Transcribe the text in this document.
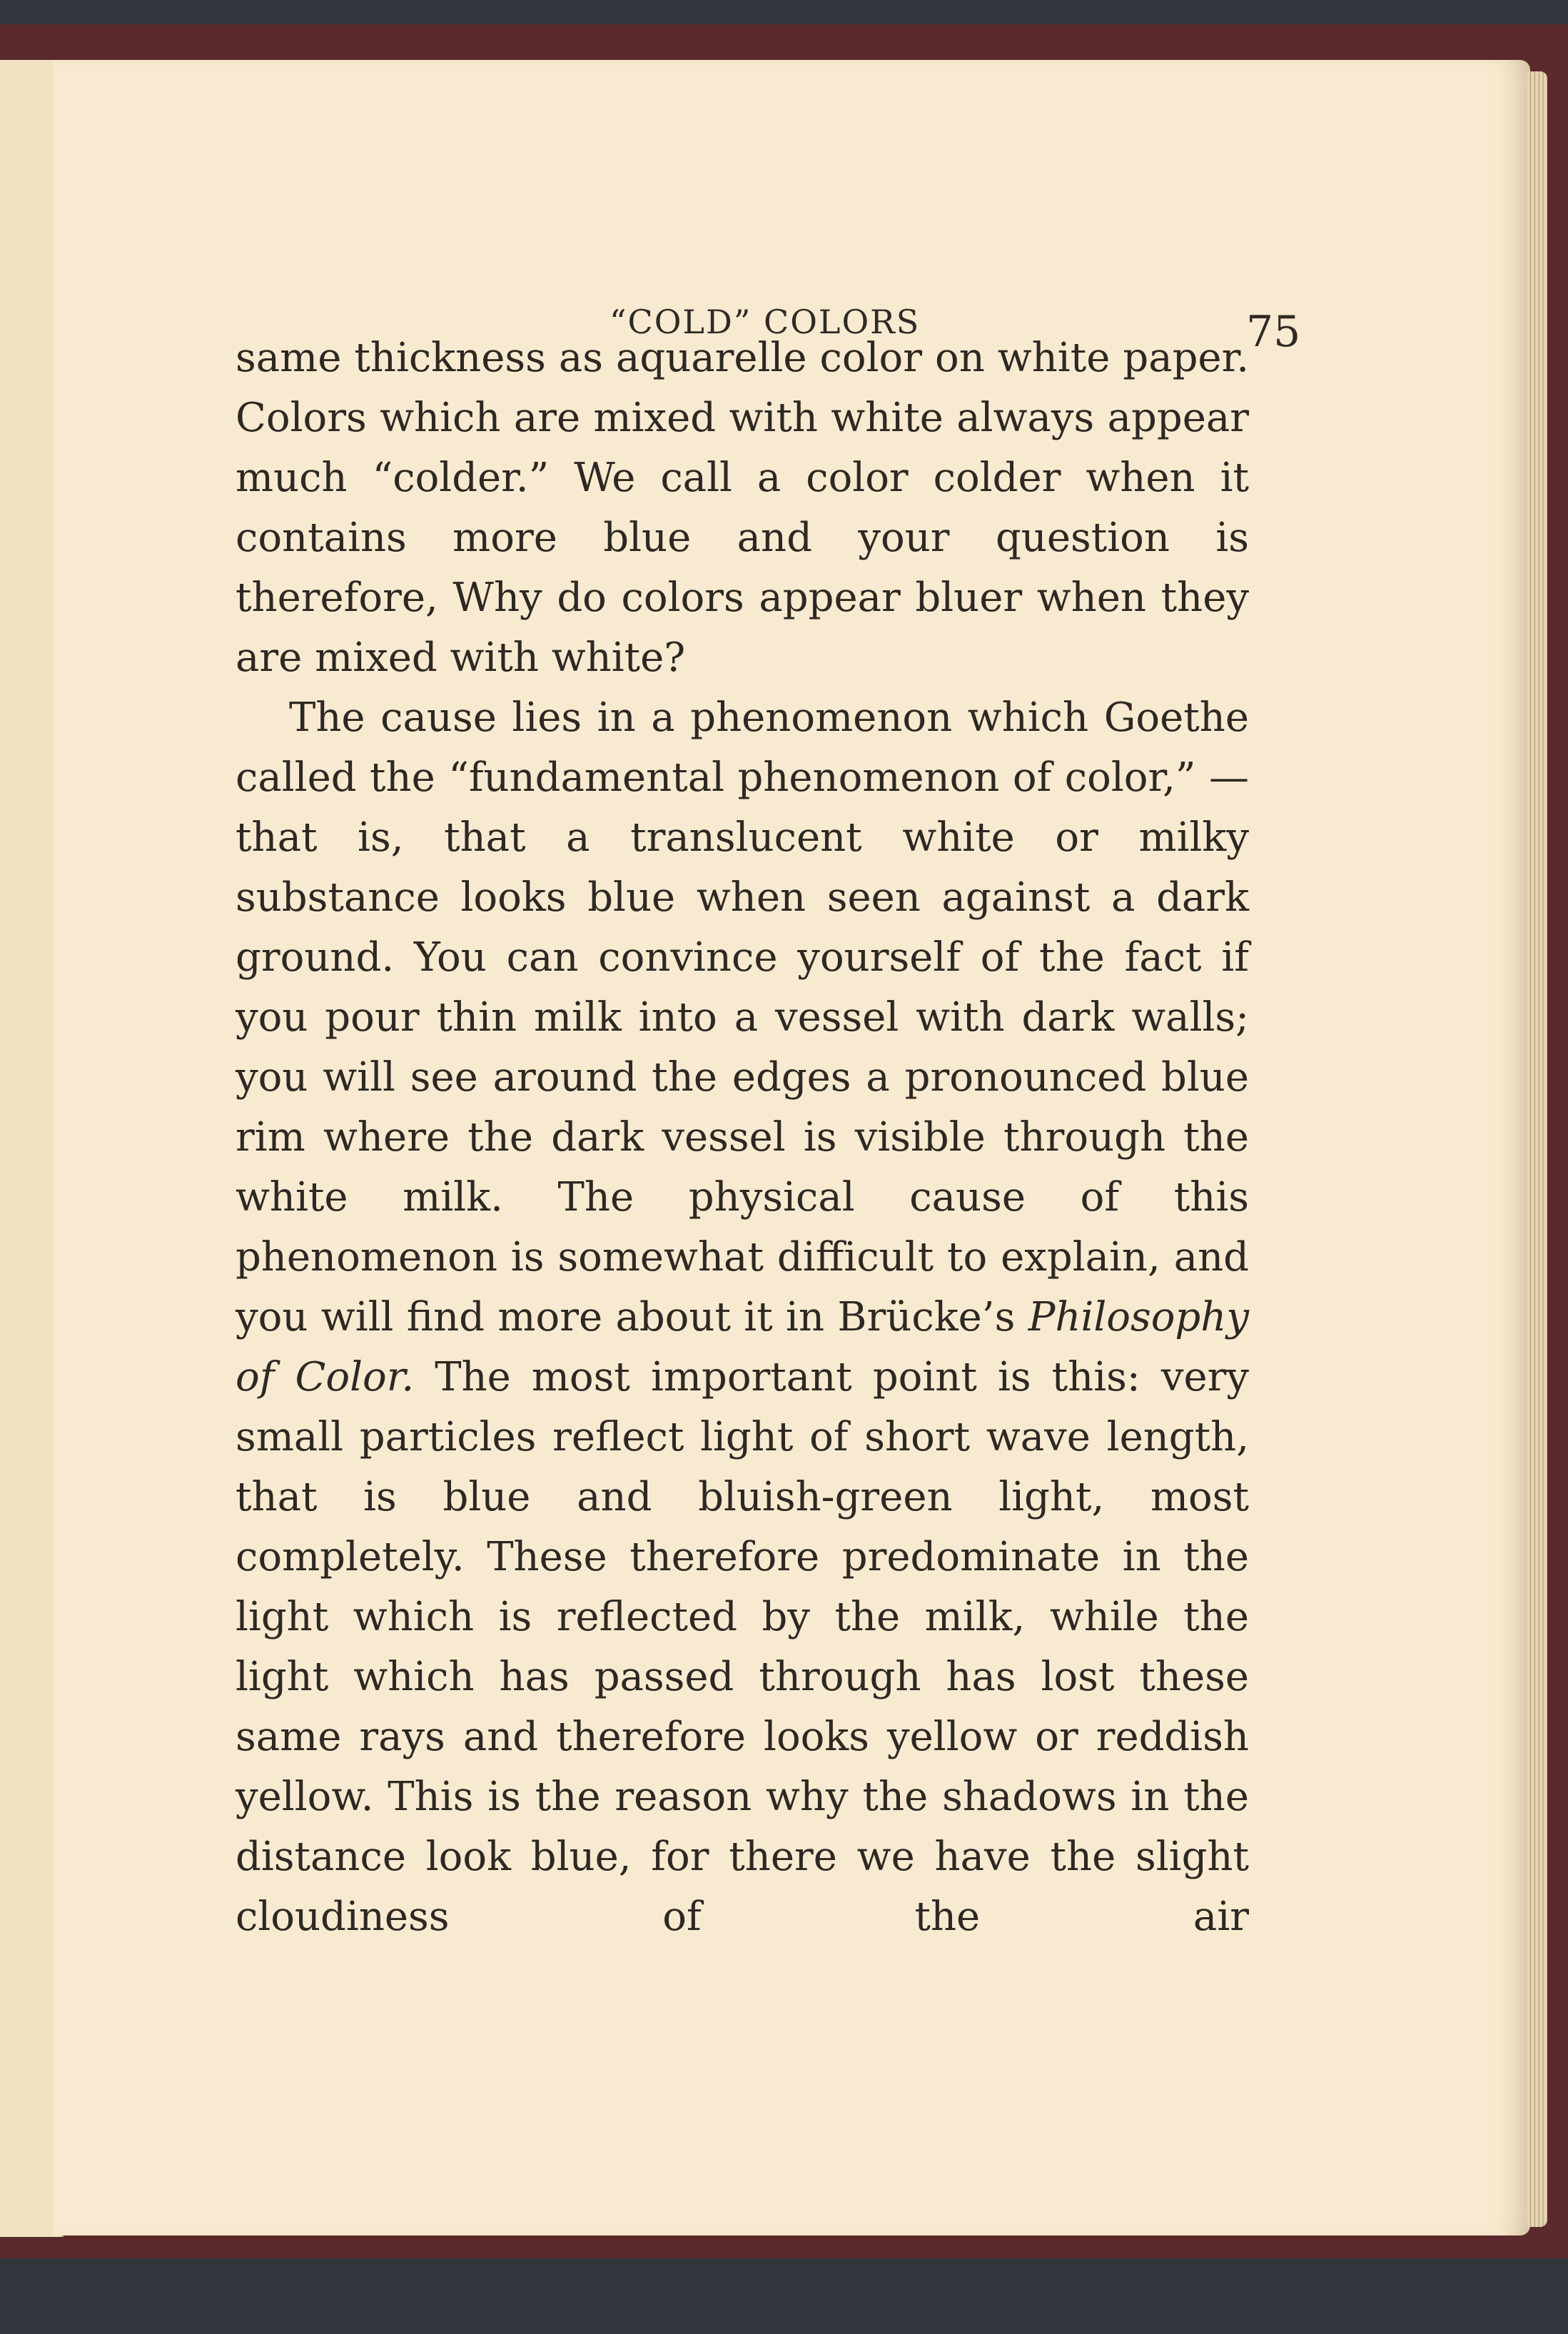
“COLD” COLORS	75

same thickness as aquarelle color on white paper. Colors which are mixed with white always appear much “colder.” We call a color colder when it contains more blue and your question is therefore, Why do colors appear bluer when they are mixed with white?

The cause lies in a phenomenon which Goethe called the “fundamental phenomenon of color,” — that is, that a translucent white or milky substance looks blue when seen against a dark ground. You can convince yourself of the fact if you pour thin milk into a vessel with dark walls; you will see around the edges a pronounced blue rim where the dark vessel is visible through the white milk. The physical cause of this phenomenon is somewhat difficult to explain, and you will find more about it in Brücke’s Philosophy of Color. The most important point is this: very small particles reflect light of short wave length, that is blue and bluish-green light, most completely. These therefore predominate in the light which is reflected by the milk, while the light which has passed through has lost these same rays and therefore looks yellow or reddish yellow. This is the reason why the shadows in the distance look blue, for there we have the slight cloudiness of the air
